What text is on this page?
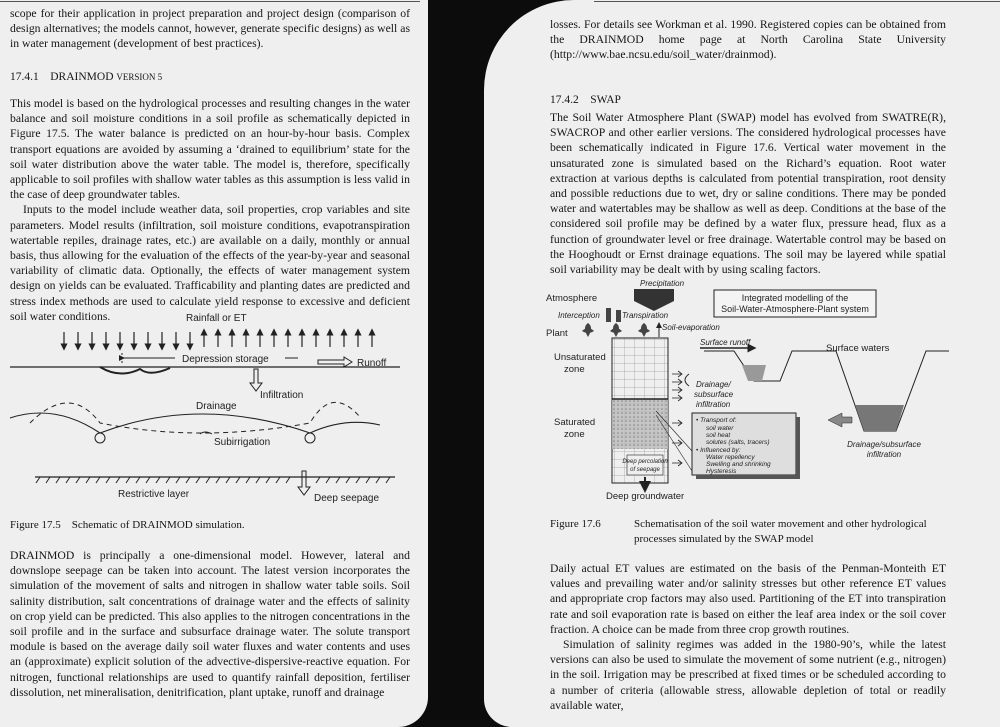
scope for their application in project preparation and project design (comparison of design alternatives; the models cannot, however, generate specific designs) as well as in water management (development of best practices).

17.4.1 DRAINMOD VERSION 5

This model is based on the hydrological processes and resulting changes in the water balance and soil moisture conditions in a soil profile as schematically depicted in Figure 17.5. The water balance is predicted on an hour-by-hour basis. Complex transport equations are avoided by assuming a ‘drained to equilibrium’ state for the soil water distribution above the water table. The model is, therefore, specifically applicable to soil profiles with shallow water tables as this assumption is less valid in the case of deep groundwater tables.

Inputs to the model include weather data, soil properties, crop variables and site parameters. Model results (infiltration, soil moisture conditions, evapotranspiration watertable repiles, drainage rates, etc.) are available on a daily, monthly or annual basis, thus allowing for the evaluation of the effects of the year-by-year and seasonal variability of climatic data. Optionally, the effects of water management system design on yields can be evaluated. Trafficability and planting dates are predicted and stress index methods are used to calculate yield response to excessive and deficient soil water conditions.	Rainfall or ET
Depression storage	Runoff
Infiltration
Drainage
Subirrigation
Restrictive layer	Deep seepage
Figure 17.5 Schematic of DRAINMOD simulation.

DRAINMOD is principally a one-dimensional model. However, lateral and downslope seepage can be taken into account. The latest version incorporates the simulation of the movement of salts and nitrogen in shallow water table soils. Soil salinity distribution, salt concentrations of drainage water and the effects of salinity on crop yield can be predicted. This also applies to the nitrogen concentrations in the soil profile and in the surface and subsurface drainage water. The solute transport module is based on the average daily soil water fluxes and water contents and uses an (approximate) explicit solution of the advective-dispersive-reactive equation. For nitrogen, functional relationships are used to quantify rainfall deposition, fertiliser dissolution, net mineralisation, denitrification, plant uptake, runoff and drainage

losses. For details see Workman et al. 1990. Registered copies can be obtained from the DRAINMOD home page at North Carolina State University (http://www.bae.ncsu.edu/soil_water/drainmod).

17.4.2 SWAP

The Soil Water Atmosphere Plant (SWAP) model has evolved from SWATRE(R), SWACROP and other earlier versions. The considered hydrological processes have been schematically indicated in Figure 17.6. Vertical water movement in the unsaturated zone is simulated based on the Richard’s equation. Root water extraction at various depths is calculated from potential transpiration, root density and possible reductions due to wet, dry or saline conditions. There may be ponded water and watertables may be shallow as well as deep. Conditions at the base of the considered soil profile may be defined by a water flux, pressure head, flux as a function of groundwater level or free drainage. Watertable control may be based on the Hooghoudt or Ernst drainage equations. The soil may be layered while spatial soil variability may be dealt with by using scaling factors.

Precipitation
Atmosphere	Integrated modelling of the
Soil-Water-Atmosphere-Plant system
Interception	Transpiration
Plant
Soil-evaporation
Surface runoff
Surface waters
Unsaturated
zone
Deep percolation
of seepage
Drainage/
subsurface
infiltration
Drainage/subsurface
infiltration
Saturated
zone
• Transport of:
soil water
soil heat
solutes (salts, tracers)
• Influenced by:
Water repellency
Swelling and shrinking
Hysteresis
Deep groundwater
Figure 17.6	Schematisation of the soil water movement and other hydrological processes simulated by the SWAP model

Daily actual ET values are estimated on the basis of the Penman-Monteith ET values and prevailing water and/or salinity stresses but other reference ET values and appropriate crop factors may also used. Partitioning of the ET into transpiration rate and soil evaporation rate is based on either the leaf area index or the soil cover fraction. A choice can be made from three crop growth routines.

Simulation of salinity regimes was added in the 1980-90’s, while the latest versions can also be used to simulate the movement of some nutrient (e.g., nitrogen) in the soil. Irrigation may be prescribed at fixed times or be scheduled according to a number of criteria (allowable stress, allowable depletion of total or readily available water,
